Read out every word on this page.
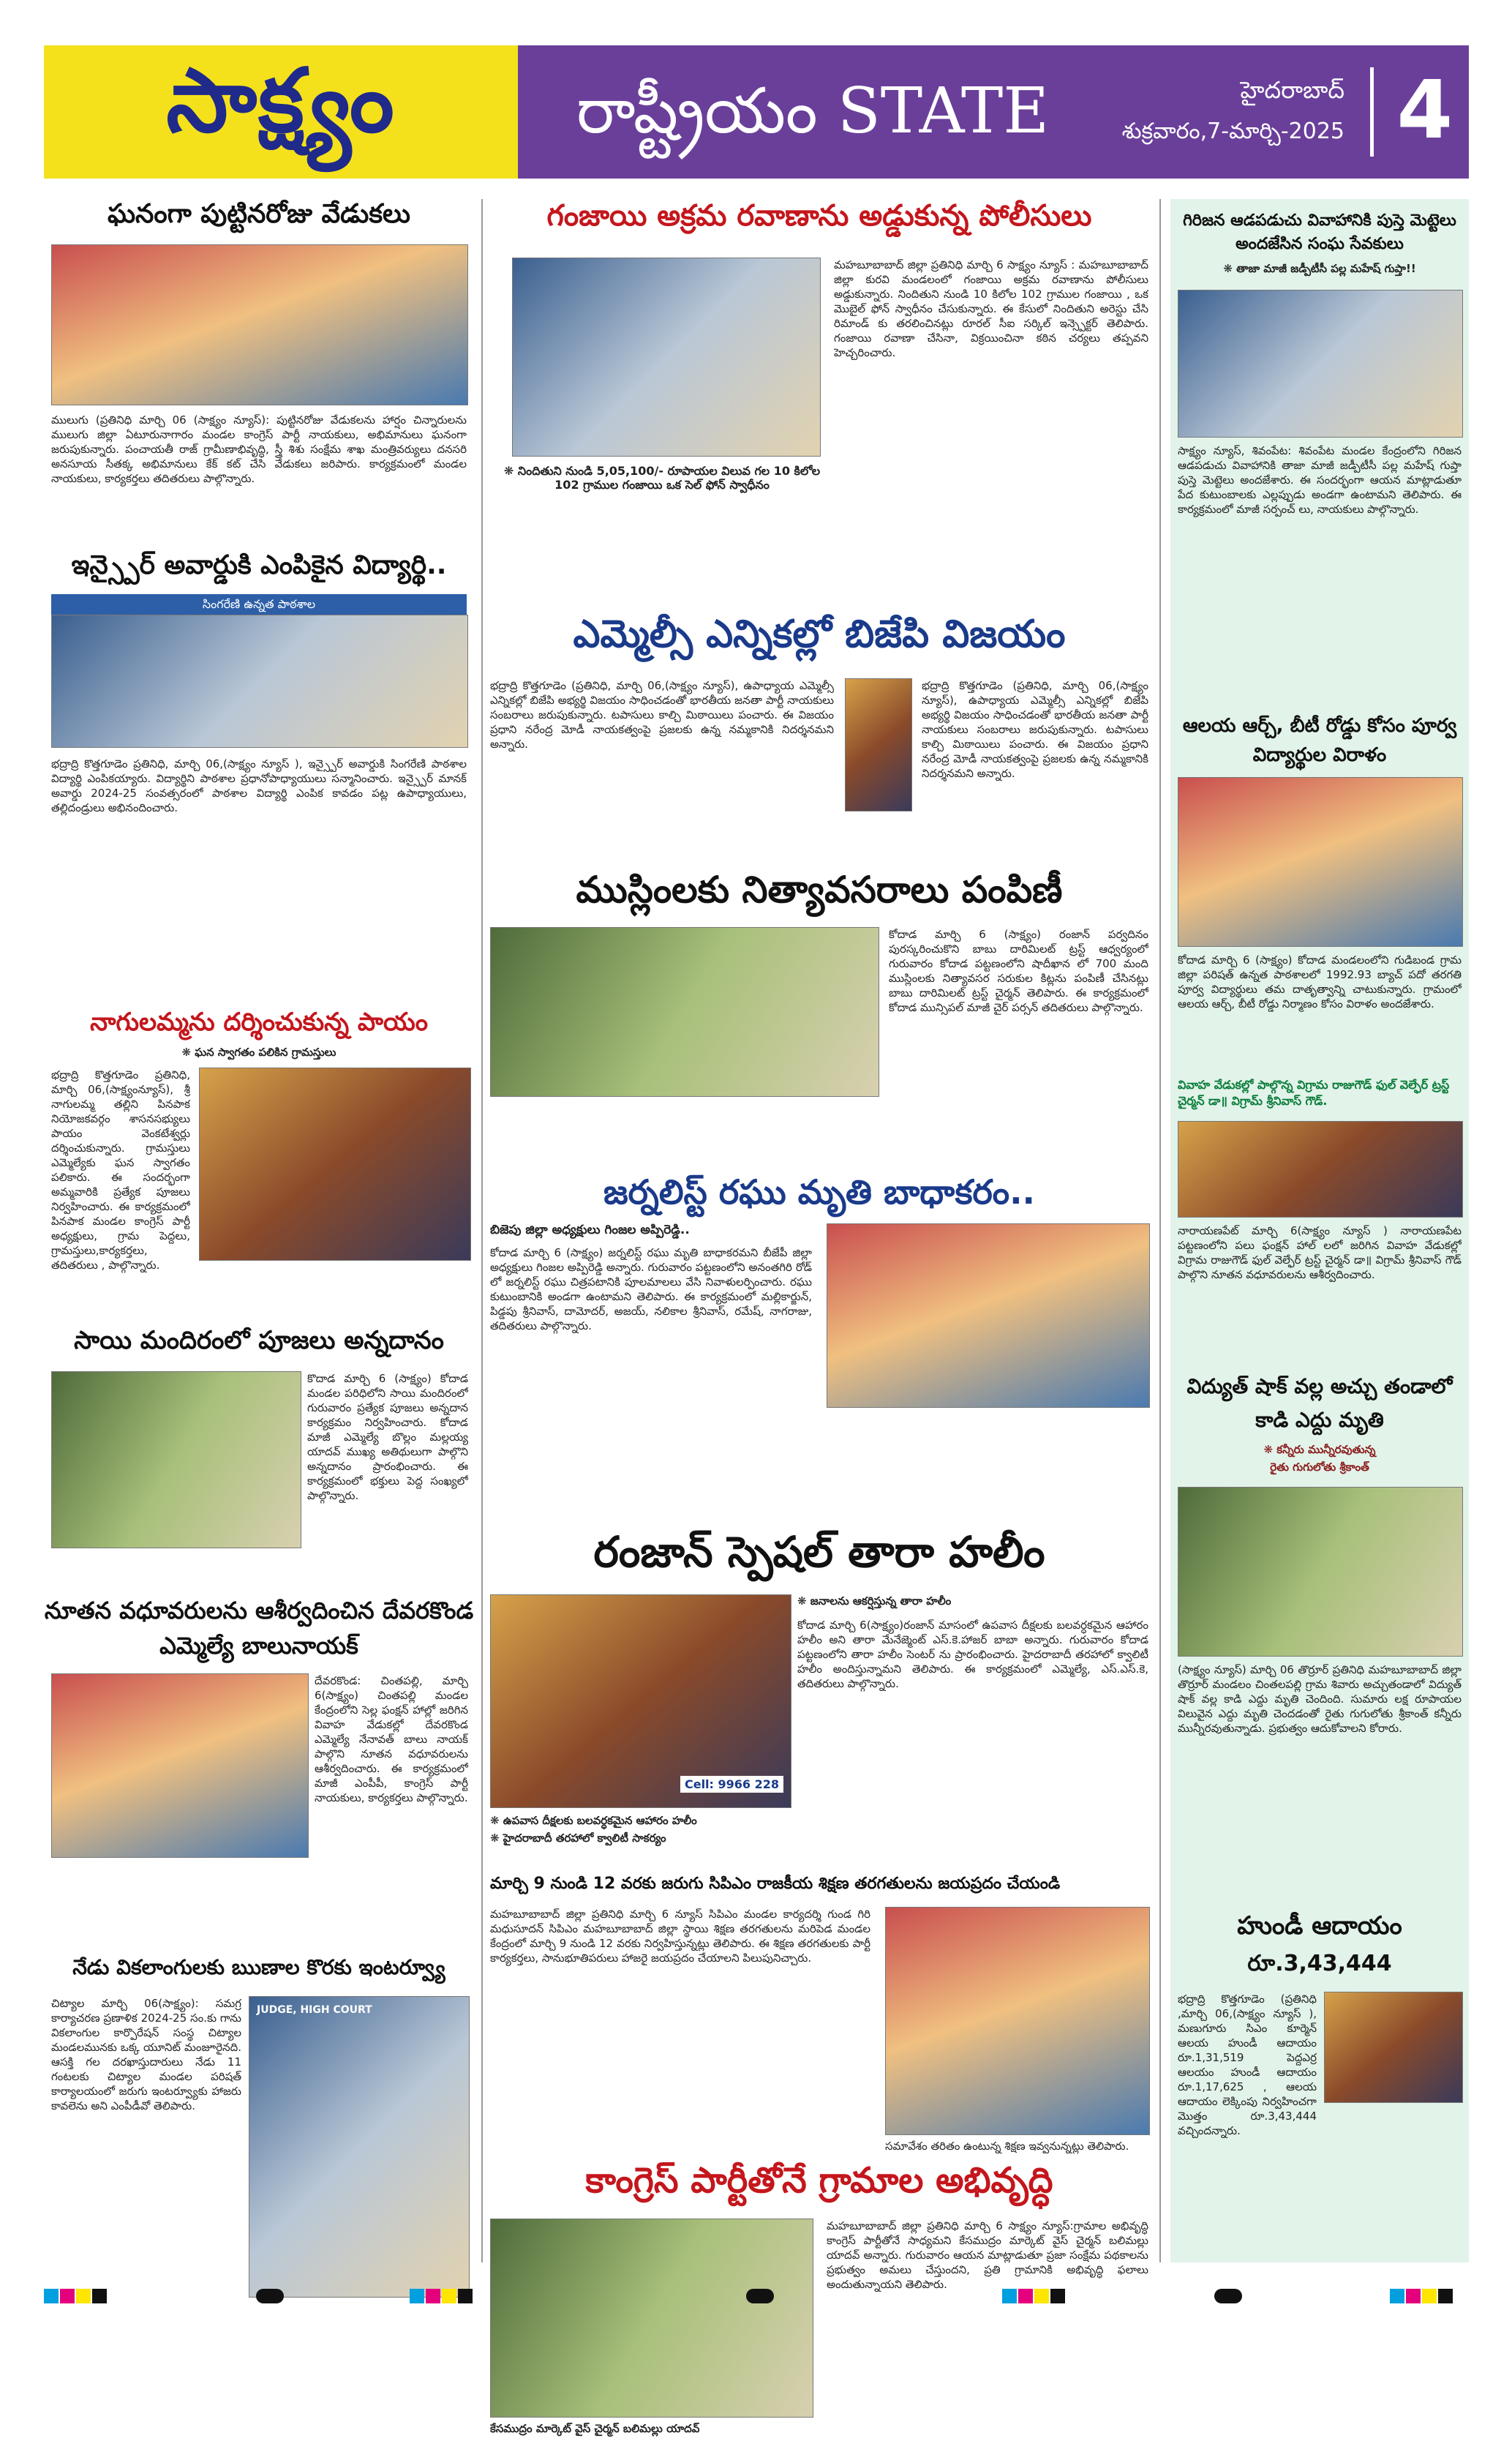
సాక్ష్యం	రాష్ట్రీయం STATE	హైదరాబాద్
శుక్రవారం,7-మార్చి-2025 4
ఘనంగా పుట్టినరోజు వేడుకలు
ములుగు (ప్రతినిధి మార్చి 06 (సాక్ష్యం న్యూస్): పుట్టినరోజు వేడుకలను హార్షం చిన్నారులను ములుగు జిల్లా ఏటూరునాగారం మండల కాంగ్రెస్ పార్టీ నాయకులు, అభిమానులు ఘనంగా జరుపుకున్నారు. పంచాయతీ రాజ్ గ్రామీణాభివృద్ధి, స్త్రీ శిశు సంక్షేమ శాఖ మంత్రివర్యులు దనసరి అనసూయ సీతక్క అభిమానులు కేక్ కట్ చేసి వేడుకలు జరిపారు. కార్యక్రమంలో మండల నాయకులు, కార్యకర్తలు తదితరులు పాల్గొన్నారు.
ఇన్స్పైర్ అవార్డుకి ఎంపికైన విద్యార్థి..
సింగరేణి ఉన్నత పాఠశాల
భద్రాద్రి కొత్తగూడెం ప్రతినిధి, మార్చి 06,(సాక్ష్యం న్యూస్ ), ఇన్స్పైర్ అవార్డుకి సింగరేణి పాఠశాల విద్యార్థి ఎంపికయ్యారు. విద్యార్థిని పాఠశాల ప్రధానోపాధ్యాయులు సన్మానించారు. ఇన్స్పైర్ మానక్ అవార్డు 2024-25 సంవత్సరంలో పాఠశాల విద్యార్థి ఎంపిక కావడం పట్ల ఉపాధ్యాయులు, తల్లిదండ్రులు అభినందించారు.
నాగులమ్మను దర్శించుకున్న పాయం
❋ ఘన స్వాగతం పలికిన గ్రామస్తులు
భద్రాద్రి కొత్తగూడెం ప్రతినిధి, మార్చి 06,(సాక్ష్యంన్యూస్), శ్రీ నాగులమ్మ తల్లిని పినపాక నియోజకవర్గం శాసనసభ్యులు పాయం వెంకటేశ్వర్లు దర్శించుకున్నారు. గ్రామస్తులు ఎమ్మెల్యేకు ఘన స్వాగతం పలికారు. ఈ సందర్భంగా అమ్మవారికి ప్రత్యేక పూజలు నిర్వహించారు. ఈ కార్యక్రమంలో పినపాక మండల కాంగ్రెస్ పార్టీ అధ్యక్షులు, గ్రామ పెద్దలు, గ్రామస్తులు,కార్యకర్తలు, తదితరులు , పాల్గొన్నారు.
సాయి మందిరంలో పూజలు అన్నదానం
కొదాడ మార్చి 6 (సాక్ష్యం) కోదాడ మండల పరిధిలోని సాయి మందిరంలో గురువారం ప్రత్యేక పూజలు అన్నదాన కార్యక్రమం నిర్వహించారు. కోదాడ మాజీ ఎమ్మెల్యే బొల్లం మల్లయ్య యాదవ్ ముఖ్య అతిథులుగా పాల్గొని అన్నదానం ప్రారంభించారు. ఈ కార్యక్రమంలో భక్తులు పెద్ద సంఖ్యలో పాల్గొన్నారు.
నూతన వధూవరులను ఆశీర్వదించిన దేవరకొండ ఎమ్మెల్యే బాలునాయక్
దేవరకొండ: చింతపల్లి, మార్చి 6(సాక్ష్యం) చింతపల్లి మండల కేంద్రంలోని సెల్ల ఫంక్షన్ హాల్లో జరిగిన వివాహ వేడుకల్లో దేవరకొండ ఎమ్మెల్యే నేనావత్ బాలు నాయక్ పాల్గొని నూతన వధూవరులను ఆశీర్వదించారు. ఈ కార్యక్రమంలో మాజీ ఎంపీపీ, కాంగ్రెస్ పార్టీ నాయకులు, కార్యకర్తలు పాల్గొన్నారు.
నేడు వికలాంగులకు ఋణాల కొరకు ఇంటర్వ్యూ
చిట్యాల మార్చి 06(సాక్ష్యం): సమగ్ర కార్యాచరణ ప్రణాళిక 2024-25 సం.కు గాను వికలాంగుల కార్పొరేషన్ సంస్థ చిట్యాల మండలమునకు ఒక్క యూనిట్ మంజూరైనది. ఆసక్తి గల దరఖాస్తుదారులు నేడు 11 గంటలకు చిట్యాల మండల పరిషత్ కార్యాలయంలో జరుగు ఇంటర్వ్యూకు హాజరు కావలెను అని ఎంపీడీవో తెలిపారు.
JUDGE, HIGH COURT
గంజాయి అక్రమ రవాణాను అడ్డుకున్న పోలీసులు
❋ నిందితుని నుండి 5,05,100/- రూపాయల విలువ గల 10 కిలోల 102 గ్రాముల గంజాయి ఒక సెల్ ఫోన్ స్వాధీనం
మహబూబాబాద్ జిల్లా ప్రతినిధి మార్చి 6 సాక్ష్యం న్యూస్ : మహబూబాబాద్ జిల్లా కురవి మండలంలో గంజాయి అక్రమ రవాణాను పోలీసులు అడ్డుకున్నారు. నిందితుని నుండి 10 కిలోల 102 గ్రాముల గంజాయి , ఒక మొబైల్ ఫోన్ స్వాధీనం చేసుకున్నారు. ఈ కేసులో నిందితుని అరెస్టు చేసి రిమాండ్ కు తరలించినట్లు రూరల్ సీఐ సర్కిల్ ఇన్స్పెక్టర్ తెలిపారు. గంజాయి రవాణా చేసినా, విక్రయించినా కఠిన చర్యలు తప్పవని హెచ్చరించారు.
ఎమ్మెల్సీ ఎన్నికల్లో బిజేపి విజయం
భద్రాద్రి కొత్తగూడెం (ప్రతినిధి, మార్చి 06,(సాక్ష్యం న్యూస్), ఉపాధ్యాయ ఎమ్మెల్సీ ఎన్నికల్లో బిజేపి అభ్యర్థి విజయం సాధించడంతో భారతీయ జనతా పార్టీ నాయకులు సంబరాలు జరుపుకున్నారు. టపాసులు కాల్చి మిఠాయిలు పంచారు. ఈ విజయం ప్రధాని నరేంద్ర మోడీ నాయకత్వంపై ప్రజలకు ఉన్న నమ్మకానికి నిదర్శనమని అన్నారు.
భద్రాద్రి కొత్తగూడెం (ప్రతినిధి, మార్చి 06,(సాక్ష్యం న్యూస్), ఉపాధ్యాయ ఎమ్మెల్సీ ఎన్నికల్లో బిజేపి అభ్యర్థి విజయం సాధించడంతో భారతీయ జనతా పార్టీ నాయకులు సంబరాలు జరుపుకున్నారు. టపాసులు కాల్చి మిఠాయిలు పంచారు. ఈ విజయం ప్రధాని నరేంద్ర మోడీ నాయకత్వంపై ప్రజలకు ఉన్న నమ్మకానికి నిదర్శనమని అన్నారు.
ముస్లింలకు నిత్యావసరాలు పంపిణీ
కోదాడ మార్చి 6 (సాక్ష్యం) రంజాన్ పర్వదినం పురస్కరించుకొని బాబు దారిమిలట్ ట్రస్ట్ ఆధ్వర్యంలో గురువారం కోదాడ పట్టణంలోని షాదీఖాన లో 700 మంది ముస్లింలకు నిత్యావసర సరుకుల కిట్లను పంపిణీ చేసినట్లు బాబు దారిమిలట్ ట్రస్ట్ చైర్మన్ తెలిపారు. ఈ కార్యక్రమంలో కోదాడ మున్సిపల్ మాజీ చైర్ పర్సన్ తదితరులు పాల్గొన్నారు.
జర్నలిస్ట్ రఘు మృతి బాధాకరం..
బిజెపు జిల్లా అధ్యక్షులు గింజల అప్పిరెడ్డి..
కోదాడ మార్చి 6 (సాక్ష్యం) జర్నలిస్ట్ రఘు మృతి బాధాకరమని బీజేపీ జిల్లా అధ్యక్షులు గింజల అప్పిరెడ్డి అన్నారు. గురువారం పట్టణంలోని అనంతగిరి రోడ్ లో జర్నలిస్ట్ రఘు చిత్రపటానికి పూలమాలలు వేసి నివాళులర్పించారు. రఘు కుటుంబానికి అండగా ఉంటామని తెలిపారు. ఈ కార్యక్రమంలో మల్లికార్జున్, పిడ్డపు శ్రీనివాస్, దామోదర్, అజయ్, నలికాల శ్రీనివాస్, రమేష్, నాగరాజు, తదితరులు పాల్గొన్నారు.
రంజాన్ స్పెషల్ తారా హలీం
❋ జనాలను ఆకర్షిస్తున్న తారా హలీం
Cell: 9966 228
❋ ఉపవాస దీక్షలకు బలవర్ధకమైన ఆహారం హలీం
❋ హైదరాబాదీ తరహాలో క్వాలిటీ సాకర్యం
కోదాడ మార్చి 6(సాక్ష్యం)రంజాన్ మాసంలో ఉపవాస దీక్షలకు బలవర్ధకమైన ఆహారం హలీం అని తారా మేనేజ్మెంట్ ఎస్.కె.హాజర్ బాబా అన్నారు. గురువారం కోదాడ పట్టణంలోని తారా హలీం సెంటర్ ను ప్రారంభించారు. హైదరాబాదీ తరహాలో క్వాలిటీ హలీం అందిస్తున్నామని తెలిపారు. ఈ కార్యక్రమంలో ఎమ్మెల్యే, ఎస్.ఎస్.కె, తదితరులు పాల్గొన్నారు.
మార్చి 9 నుండి 12 వరకు జరుగు సిపిఎం రాజకీయ శిక్షణ తరగతులను జయప్రదం చేయండి
మహబూబాబాద్ జిల్లా ప్రతినిధి మార్చి 6 న్యూస్ సిపిఎం మండల కార్యదర్శి గుండ గిరి మధుసూదన్ సిపిఎం మహబూబాబాద్ జిల్లా స్థాయి శిక్షణ తరగతులను మరిపెడ మండల కేంద్రంలో మార్చి 9 నుండి 12 వరకు నిర్వహిస్తున్నట్లు తెలిపారు. ఈ శిక్షణ తరగతులకు పార్టీ కార్యకర్తలు, సానుభూతిపరులు హాజరై జయప్రదం చేయాలని పిలుపునిచ్చారు.
సమావేశం తరితం ఉంటున్న శిక్షణ ఇవ్వనున్నట్లు తెలిపారు.
కాంగ్రెస్ పార్టీతోనే గ్రామాల అభివృద్ధి
కేసముద్రం మార్కెట్ వైస్ చైర్మన్ బలిమల్లు యాదవ్
మహబూబాబాద్ జిల్లా ప్రతినిధి మార్చి 6 సాక్ష్యం న్యూస్:గ్రామాల అభివృద్ధి కాంగ్రెస్ పార్టీతోనే సాధ్యమని కేసముద్రం మార్కెట్ వైస్ చైర్మన్ బలిమల్లు యాదవ్ అన్నారు. గురువారం ఆయన మాట్లాడుతూ ప్రజా సంక్షేమ పథకాలను ప్రభుత్వం అమలు చేస్తుందని, ప్రతి గ్రామానికి అభివృద్ధి ఫలాలు అందుతున్నాయని తెలిపారు.
గిరిజన ఆడపడుచు వివాహానికి పుస్తె మెట్టెలు అందజేసిన సంఘ సేవకులు
❋ తాజా మాజీ జడ్పీటీసీ పల్ల మహేష్ గుప్తా!!
సాక్ష్యం న్యూస్, శివంపేట: శివంపేట మండల కేంద్రంలోని గిరిజన ఆడపడుచు వివాహానికి తాజా మాజీ జడ్పీటీసీ పల్ల మహేష్ గుప్తా పుస్తె మెట్టెలు అందజేశారు. ఈ సందర్భంగా ఆయన మాట్లాడుతూ పేద కుటుంబాలకు ఎల్లప్పుడు అండగా ఉంటామని తెలిపారు. ఈ కార్యక్రమంలో మాజీ సర్పంచ్ లు, నాయకులు పాల్గొన్నారు.
ఆలయ ఆర్చ్, బీటీ రోడ్డు కోసం పూర్వ విద్యార్థుల విరాళం
కోదాడ మార్చి 6 (సాక్ష్యం) కోదాడ మండలంలోని గుడిబండ గ్రామ జిల్లా పరిషత్ ఉన్నత పాఠశాలలో 1992.93 బ్యాచ్ పదో తరగతి పూర్వ విద్యార్థులు తమ దాతృత్వాన్ని చాటుకున్నారు. గ్రామంలో ఆలయ ఆర్చ్, బీటీ రోడ్డు నిర్మాణం కోసం విరాళం అందజేశారు.
వివాహ వేడుకల్లో పాల్గొన్న విగ్రామ రాజుగౌడ్ ఫుల్ వెల్ఫేర్ ట్రస్ట్ చైర్మన్ డా॥ విగ్రామ్ శ్రీనివాస్ గౌడ్.
నారాయణపేట్ మార్చి 6(సాక్ష్యం న్యూస్ ) నారాయణపేట పట్టణంలోని పలు ఫంక్షన్ హాల్ లలో జరిగిన వివాహ వేడుకల్లో విగ్రామ రాజుగౌడ్ ఫుల్ వెల్ఫేర్ ట్రస్ట్ చైర్మన్ డా॥ విగ్రామ్ శ్రీనివాస్ గౌడ్ పాల్గొని నూతన వధూవరులను ఆశీర్వదించారు.
విద్యుత్ షాక్ వల్ల అచ్చు తండాలో కాడి ఎద్దు మృతి
❋ కన్నీరు మున్నీరవుతున్న
రైతు గుగులోతు శ్రీకాంత్
(సాక్ష్యం న్యూస్) మార్చి 06 తొర్రూర్ ప్రతినిధి మహబూబాబాద్ జిల్లా తొర్రూర్ మండలం చింతలపల్లి గ్రామ శివారు అచ్చుతండాలో విద్యుత్ షాక్ వల్ల కాడి ఎద్దు మృతి చెందింది. సుమారు లక్ష రూపాయల విలువైన ఎద్దు మృతి చెందడంతో రైతు గుగులోతు శ్రీకాంత్ కన్నీరు మున్నీరవుతున్నాడు. ప్రభుత్వం ఆదుకోవాలని కోరారు.
హుండీ ఆదాయం
రూ.3,43,444
భద్రాద్రి కొత్తగూడెం (ప్రతినిధి ,మార్చి 06,(సాక్ష్యం న్యూస్ ), మణుగూరు సిఎం కూర్మెన్ ఆలయ హుండీ ఆదాయం రూ.1,31,519 పెద్దఎర్ర ఆలయం హుండీ ఆదాయం రూ.1,17,625 , ఆలయ ఆదాయం లెక్కింపు నిర్వహించగా మొత్తం రూ.3,43,444 వచ్చిందన్నారు.
